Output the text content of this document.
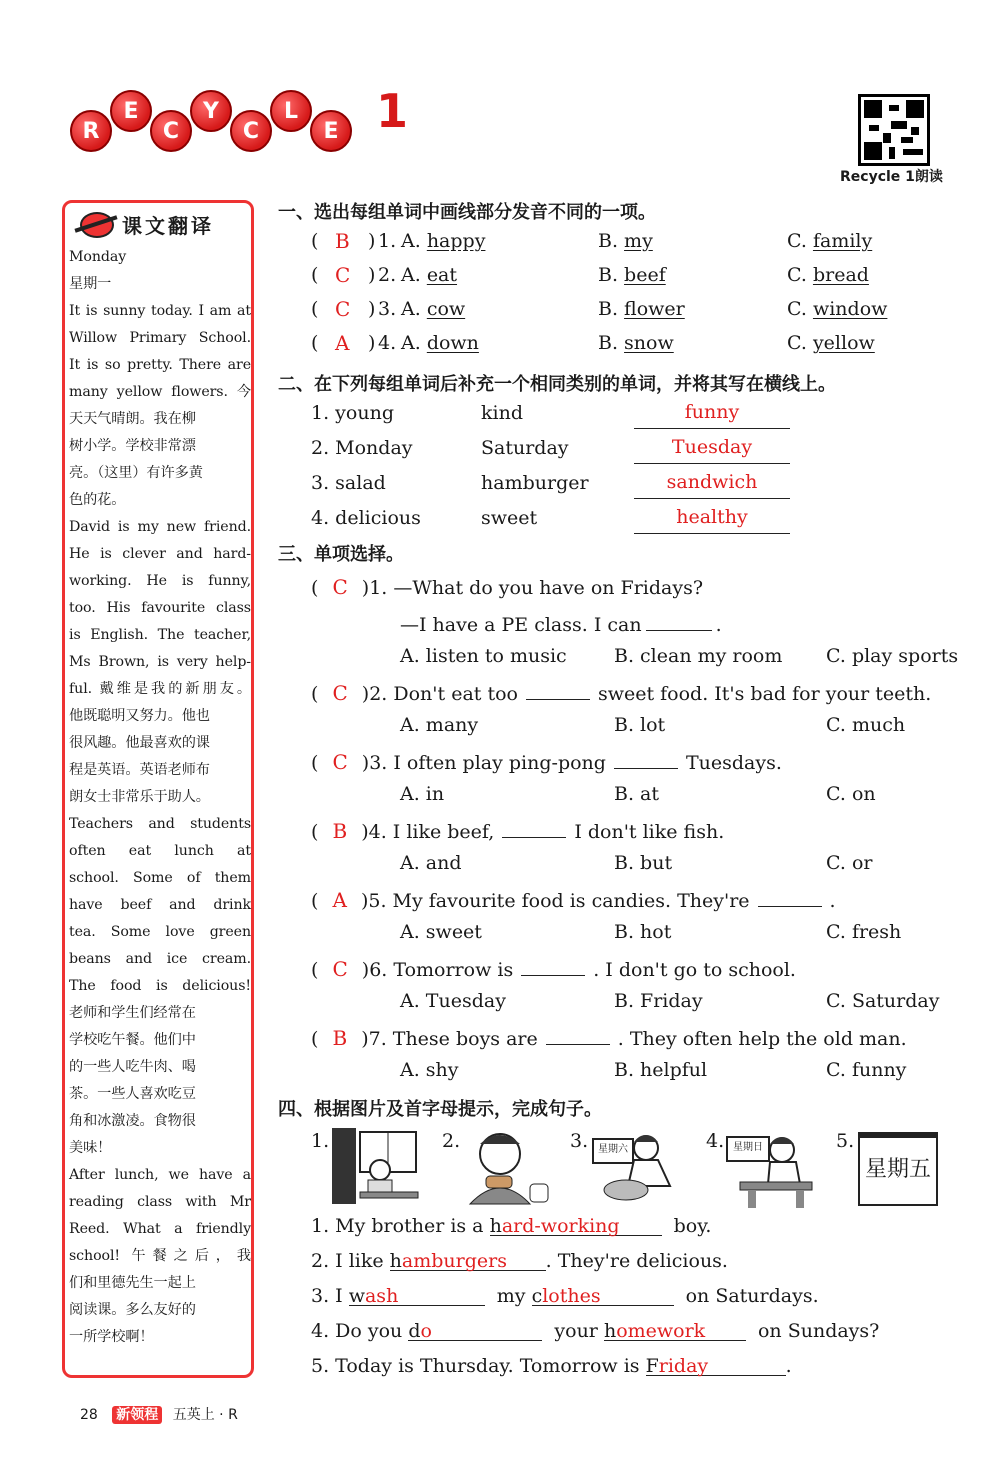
R
E
C
Y
C
L
E 1
Recycle 1朗读
课文翻译
Monday
星期一
It is sunny today. I am at
Willow Primary School.
It is so pretty. There are
many yellow flowers. 今
天天气晴朗。我在柳
树小学。学校非常漂
亮。（这里）有许多黄
色的花。
David is my new friend.
He is clever and hard-
working. He is funny,
too. His favourite class
is English. The teacher,
Ms Brown, is very help-
ful. 戴维是我的新朋友。
他既聪明又努力。他也
很风趣。他最喜欢的课
程是英语。英语老师布
朗女士非常乐于助人。
Teachers and students
often eat lunch at
school. Some of them
have beef and drink
tea. Some love green
beans and ice cream.
The food is delicious!
老师和学生们经常在
学校吃午餐。他们中
的一些人吃牛肉、喝
茶。一些人喜欢吃豆
角和冰激凌。食物很
美味！
After lunch, we have a
reading class with Mr
Reed. What a friendly
school! 午餐之后，我
们和里德先生一起上
阅读课。多么友好的
一所学校啊！
一、选出每组单词中画线部分发音不同的一项。
二、在下列每组单词后补充一个相同类别的单词，并将其写在横线上。
三、单项选择。
四、根据图片及首字母提示，完成句子。
1.	2.	3. 星期六	4. 星期日	5.
星期五
1. My brother is a hard-working	boy.
2. I like hamburgers . They're delicious.
3. I wash	my clothes	on Saturdays.
4. Do you do	your homework	on Sundays?
5. Today is Thursday. Tomorrow is Friday	.
28 新领程 五英上 · R
( B ) 1. A. happy	B. my	C. family
( C ) 2. A. eat	B. beef	C. bread
( C ) 3. A. cow	B. flower	C. window
( A ) 4. A. down	B. snow	C. yellow
1. young	kind	funny
2. Monday	Saturday	Tuesday
3. salad	hamburger	sandwich
4. delicious	sweet	healthy
( C )1. —What do you have on Fridays?
—I have a PE class. I can	.
A. listen to music B. clean my room C. play sports
( C )2. Don't eat too	sweet food. It's bad for your teeth.
A. many	B. lot	C. much
( C )3. I often play ping-pong	Tuesdays.
A. in	B. at	C. on
( B )4. I like beef,	I don't like fish.
A. and	B. but	C. or
( A )5. My favourite food is candies. They're	.
A. sweet	B. hot	C. fresh
( C )6. Tomorrow is	. I don't go to school.
A. Tuesday	B. Friday	C. Saturday
( B )7. These boys are	. They often help the old man.
A. shy	B. helpful	C. funny
